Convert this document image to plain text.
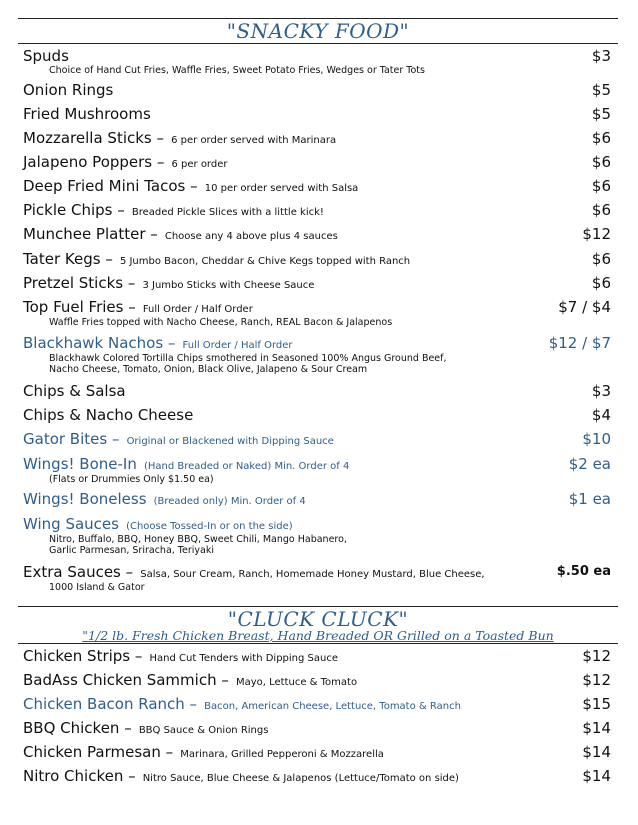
"SNACKY FOOD"
Spuds	$3
Choice of Hand Cut Fries, Waffle Fries, Sweet Potato Fries, Wedges or Tater Tots
Onion Rings	$5
Fried Mushrooms	$5
Mozzarella Sticks – 6 per order served with Marinara	$6
Jalapeno Poppers – 6 per order	$6
Deep Fried Mini Tacos – 10 per order served with Salsa	$6
Pickle Chips – Breaded Pickle Slices with a little kick!	$6
Munchee Platter – Choose any 4 above plus 4 sauces	$12
Tater Kegs – 5 Jumbo Bacon, Cheddar & Chive Kegs topped with Ranch	$6
Pretzel Sticks – 3 Jumbo Sticks with Cheese Sauce	$6
Top Fuel Fries – Full Order / Half Order	$7 / $4
Waffle Fries topped with Nacho Cheese, Ranch, REAL Bacon & Jalapenos
Blackhawk Nachos – Full Order / Half Order	$12 / $7
Blackhawk Colored Tortilla Chips smothered in Seasoned 100% Angus Ground Beef,
Nacho Cheese, Tomato, Onion, Black Olive, Jalapeno & Sour Cream
Chips & Salsa	$3
Chips & Nacho Cheese	$4
Gator Bites – Original or Blackened with Dipping Sauce	$10
Wings! Bone-In (Hand Breaded or Naked) Min. Order of 4	$2 ea
(Flats or Drummies Only $1.50 ea)
Wings! Boneless (Breaded only) Min. Order of 4	$1 ea
Wing Sauces (Choose Tossed-In or on the side)
Nitro, Buffalo, BBQ, Honey BBQ, Sweet Chili, Mango Habanero,
Garlic Parmesan, Sriracha, Teriyaki
Extra Sauces – Salsa, Sour Cream, Ranch, Homemade Honey Mustard, Blue Cheese,	$.50 ea
1000 Island & Gator
"CLUCK CLUCK"
"1/2 lb. Fresh Chicken Breast, Hand Breaded OR Grilled on a Toasted Bun
Chicken Strips – Hand Cut Tenders with Dipping Sauce	$12
BadAss Chicken Sammich – Mayo, Lettuce & Tomato	$12
Chicken Bacon Ranch – Bacon, American Cheese, Lettuce, Tomato & Ranch	$15
BBQ Chicken – BBQ Sauce & Onion Rings	$14
Chicken Parmesan – Marinara, Grilled Pepperoni & Mozzarella	$14
Nitro Chicken – Nitro Sauce, Blue Cheese & Jalapenos (Lettuce/Tomato on side)	$14
